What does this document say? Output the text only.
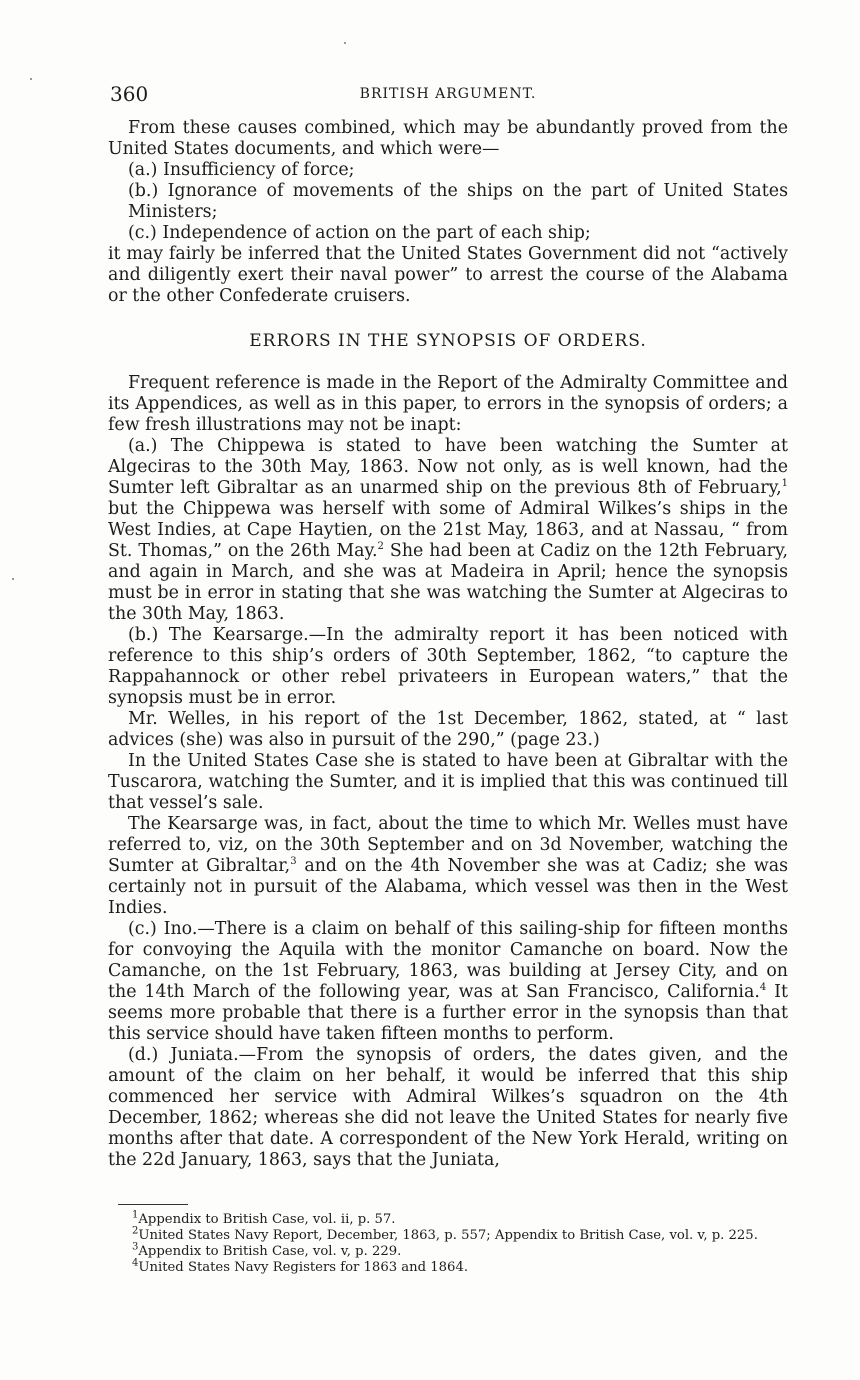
360	BRITISH ARGUMENT.

From these causes combined, which may be abundantly proved from the United States documents, and which were—

(a.) Insufficiency of force;

(b.) Ignorance of movements of the ships on the part of United States Ministers;

(c.) Independence of action on the part of each ship;

it may fairly be inferred that the United States Government did not “actively and diligently exert their naval power” to arrest the course of the Alabama or the other Confederate cruisers.

ERRORS IN THE SYNOPSIS OF ORDERS.

Frequent reference is made in the Report of the Admiralty Committee and its Appendices, as well as in this paper, to errors in the synopsis of orders; a few fresh illustrations may not be inapt:

(a.) The Chippewa is stated to have been watching the Sumter at Algeciras to the 30th May, 1863. Now not only, as is well known, had the Sumter left Gibraltar as an unarmed ship on the previous 8th of February,$^1$ but the Chippewa was herself with some of Admiral Wilkes’s ships in the West Indies, at Cape Haytien, on the 21st May, 1863, and at Nassau, “ from St. Thomas,” on the 26th May.$^2$ She had been at Cadiz on the 12th February, and again in March, and she was at Madeira in April; hence the synopsis must be in error in stating that she was watching the Sumter at Algeciras to the 30th May, 1863.

(b.) The Kearsarge.—In the admiralty report it has been noticed with reference to this ship’s orders of 30th September, 1862, “to capture the Rappahannock or other rebel privateers in European waters,” that the synopsis must be in error.

Mr. Welles, in his report of the 1st December, 1862, stated, at “ last advices (she) was also in pursuit of the 290,” (page 23.)

In the United States Case she is stated to have been at Gibraltar with the Tuscarora, watching the Sumter, and it is implied that this was continued till that vessel’s sale.

The Kearsarge was, in fact, about the time to which Mr. Welles must have referred to, viz, on the 30th September and on 3d November, watching the Sumter at Gibraltar,$^3$ and on the 4th November she was at Cadiz; she was certainly not in pursuit of the Alabama, which vessel was then in the West Indies.

(c.) Ino.—There is a claim on behalf of this sailing-ship for fifteen months for convoying the Aquila with the monitor Camanche on board. Now the Camanche, on the 1st February, 1863, was building at Jersey City, and on the 14th March of the following year, was at San Francisco, California.$^4$ It seems more probable that there is a further error in the synopsis than that this service should have taken fifteen months to perform.

(d.) Juniata.—From the synopsis of orders, the dates given, and the amount of the claim on her behalf, it would be inferred that this ship commenced her service with Admiral Wilkes’s squadron on the 4th December, 1862; whereas she did not leave the United States for nearly five months after that date. A correspondent of the New York Herald, writing on the 22d January, 1863, says that the Juniata,

$^1$Appendix to British Case, vol. ii, p. 57.

$^2$United States Navy Report, December, 1863, p. 557; Appendix to British Case, vol. v, p. 225.

$^3$Appendix to British Case, vol. v, p. 229.

$^4$United States Navy Registers for 1863 and 1864.
